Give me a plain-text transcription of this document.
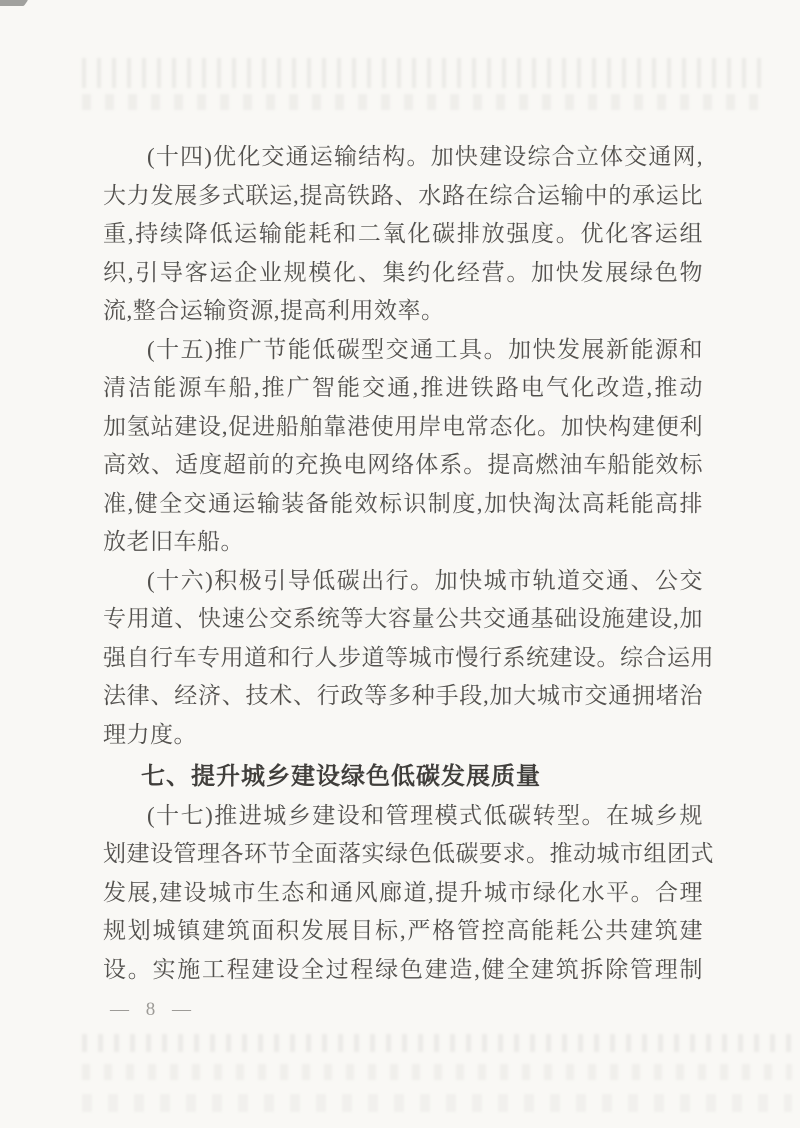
(十四)优化交通运输结构。加快建设综合立体交通网,
大力发展多式联运,提高铁路、水路在综合运输中的承运比
重,持续降低运输能耗和二氧化碳排放强度。优化客运组
织,引导客运企业规模化、集约化经营。加快发展绿色物
流,整合运输资源,提高利用效率。

(十五)推广节能低碳型交通工具。加快发展新能源和
清洁能源车船,推广智能交通,推进铁路电气化改造,推动
加氢站建设,促进船舶靠港使用岸电常态化。加快构建便利
高效、适度超前的充换电网络体系。提高燃油车船能效标
准,健全交通运输装备能效标识制度,加快淘汰高耗能高排
放老旧车船。

(十六)积极引导低碳出行。加快城市轨道交通、公交
专用道、快速公交系统等大容量公共交通基础设施建设,加
强自行车专用道和行人步道等城市慢行系统建设。综合运用
法律、经济、技术、行政等多种手段,加大城市交通拥堵治
理力度。

七、提升城乡建设绿色低碳发展质量

(十七)推进城乡建设和管理模式低碳转型。在城乡规
划建设管理各环节全面落实绿色低碳要求。推动城市组团式
发展,建设城市生态和通风廊道,提升城市绿化水平。合理
规划城镇建筑面积发展目标,严格管控高能耗公共建筑建
设。实施工程建设全过程绿色建造,健全建筑拆除管理制

— 8 —
